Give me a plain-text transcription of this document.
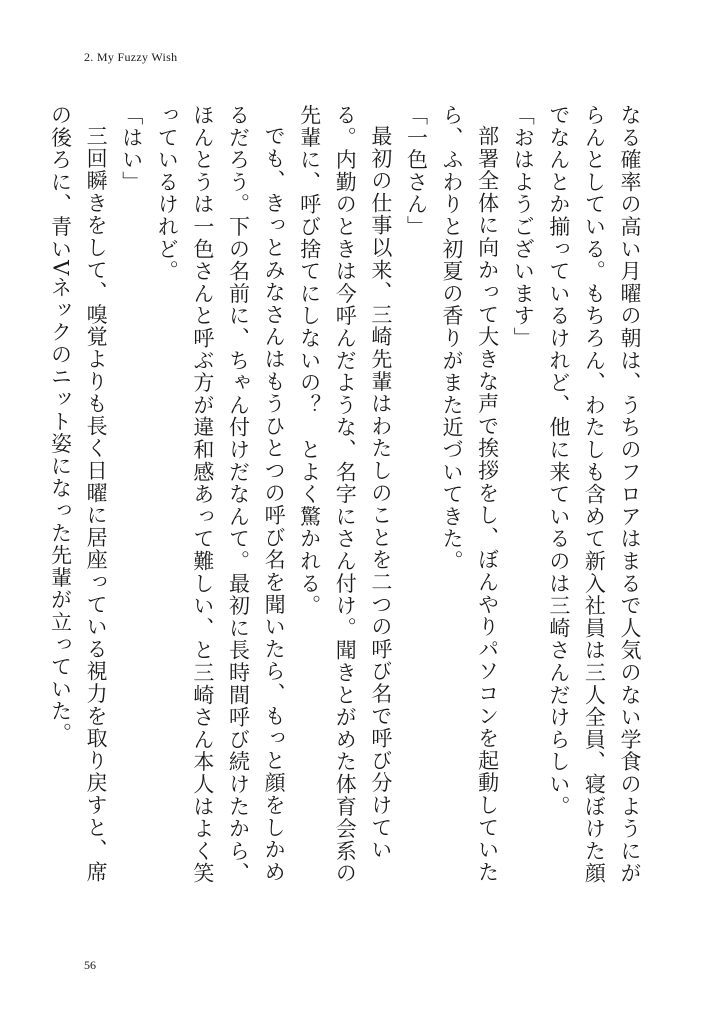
2. My Fuzzy Wish

なる確率の高い月曜の朝は、うちのフロアはまるで人気のない学食のようにがらんとしている。もちろん、わたしも含めて新入社員は三人全員、寝ぼけた顔でなんとか揃っているけれど、他に来ているのは三崎さんだけらしい。

「おはようございます」

部署全体に向かって大きな声で挨拶をし、ぼんやりパソコンを起動していたら、ふわりと初夏の香りがまた近づいてきた。

「一色さん」

最初の仕事以来、三崎先輩はわたしのことを二つの呼び名で呼び分けている。内勤のときは今呼んだような、名字にさん付け。聞きとがめた体育会系の先輩に、呼び捨てにしないの？　とよく驚かれる。

でも、きっとみなさんはもうひとつの呼び名を聞いたら、もっと顔をしかめるだろう。下の名前に、ちゃん付けだなんて。最初に長時間呼び続けたから、ほんとうは一色さんと呼ぶ方が違和感あって難しい、と三崎さん本人はよく笑っているけれど。

「はい」

三回瞬きをして、嗅覚よりも長く日曜に居座っている視力を取り戻すと、席の後ろに、青いVネックのニット姿になった先輩が立っていた。

56
